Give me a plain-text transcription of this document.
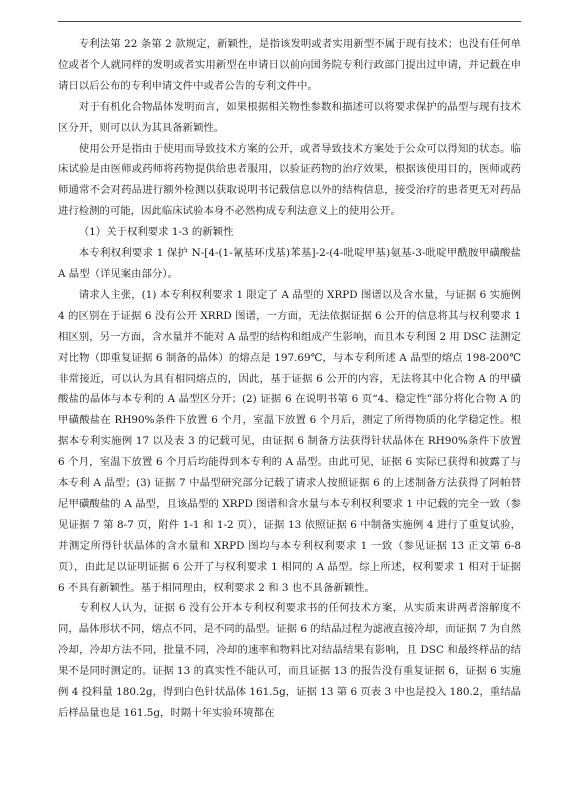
专利法第 22 条第 2 款规定，新颖性，是指该发明或者实用新型不属于现有技术；也没有任何单位或者个人就同样的发明或者实用新型在申请日以前向国务院专利行政部门提出过申请，并记载在申请日以后公布的专利申请文件中或者公告的专利文件中。

对于有机化合物晶体发明而言，如果根据相关物性参数和描述可以将要求保护的晶型与现有技术区分开，则可以认为其具备新颖性。

使用公开是指由于使用而导致技术方案的公开，或者导致技术方案处于公众可以得知的状态。临床试验是由医师或药师将药物提供给患者服用，以验证药物的治疗效果，根据该使用目的，医师或药师通常不会对药品进行额外检测以获取说明书记载信息以外的结构信息，接受治疗的患者更无对药品进行检测的可能，因此临床试验本身不必然构成专利法意义上的使用公开。

（1）关于权利要求 1-3 的新颖性

本专利权利要求 1 保护 N-[4-(1-氰基环戊基)苯基]-2-(4-吡啶甲基)氨基-3-吡啶甲酰胺甲磺酸盐 A 晶型（详见案由部分）。

请求人主张，(1) 本专利权利要求 1 限定了 A 晶型的 XRPD 图谱以及含水量，与证据 6 实施例 4 的区别在于证据 6 没有公开 XRRD 图谱，一方面，无法依据证据 6 公开的信息将其与权利要求 1 相区别，另一方面，含水量并不能对 A 晶型的结构和组成产生影响，而且本专利图 2 用 DSC 法测定对比物（即重复证据 6 制备的晶体）的熔点是 197.69℃，与本专利所述 A 晶型的熔点 198-200℃非常接近，可以认为具有相同熔点的，因此，基于证据 6 公开的内容，无法将其中化合物 A 的甲磺酸盐的晶体与本专利的 A 晶型区分开；(2) 证据 6 在说明书第 6 页“4、稳定性”部分将化合物 A 的甲磺酸盐在 RH90%条件下放置 6 个月，室温下放置 6 个月后，测定了所得物质的化学稳定性。根据本专利实施例 17 以及表 3 的记载可见，由证据 6 制备方法获得针状晶体在 RH90%条件下放置 6 个月，室温下放置 6 个月后均能得到本专利的 A 晶型。由此可见，证据 6 实际已获得和披露了与本专利 A 晶型；(3) 证据 7 中晶型研究部分记载了请求人按照证据 6 的上述制备方法获得了阿帕替尼甲磺酸盐的 A 晶型，且该晶型的 XRPD 图谱和含水量与本专利权利要求 1 中记载的完全一致（参见证据 7 第 8-7 页，附件 1-1 和 1-2 页），证据 13 依照证据 6 中制备实施例 4 进行了重复试验，并测定所得针状晶体的含水量和 XRPD 图均与本专利权利要求 1 一致（参见证据 13 正文第 6-8 页），由此足以证明证据 6 公开了与权利要求 1 相同的 A 晶型。综上所述，权利要求 1 相对于证据 6 不具有新颖性。基于相同理由，权利要求 2 和 3 也不具备新颖性。

专利权人认为，证据 6 没有公开本专利权利要求书的任何技术方案，从实质来讲两者溶解度不同，晶体形状不同，熔点不同，是不同的晶型。证据 6 的结晶过程为滤液直接冷却，而证据 7 为自然冷却，冷却方法不同，批量不同，冷却的速率和物料比对结晶结果有影响，且 DSC 和最终样品的结果不是同时测定的。证据 13 的真实性不能认可，而且证据 13 的报告没有重复证据 6，证据 6 实施例 4 投料量 180.2g，得到白色针状晶体 161.5g，证据 13 第 6 页表 3 中也是投入 180.2，重结晶后样品量也是 161.5g，时隔十年实验环境都在
